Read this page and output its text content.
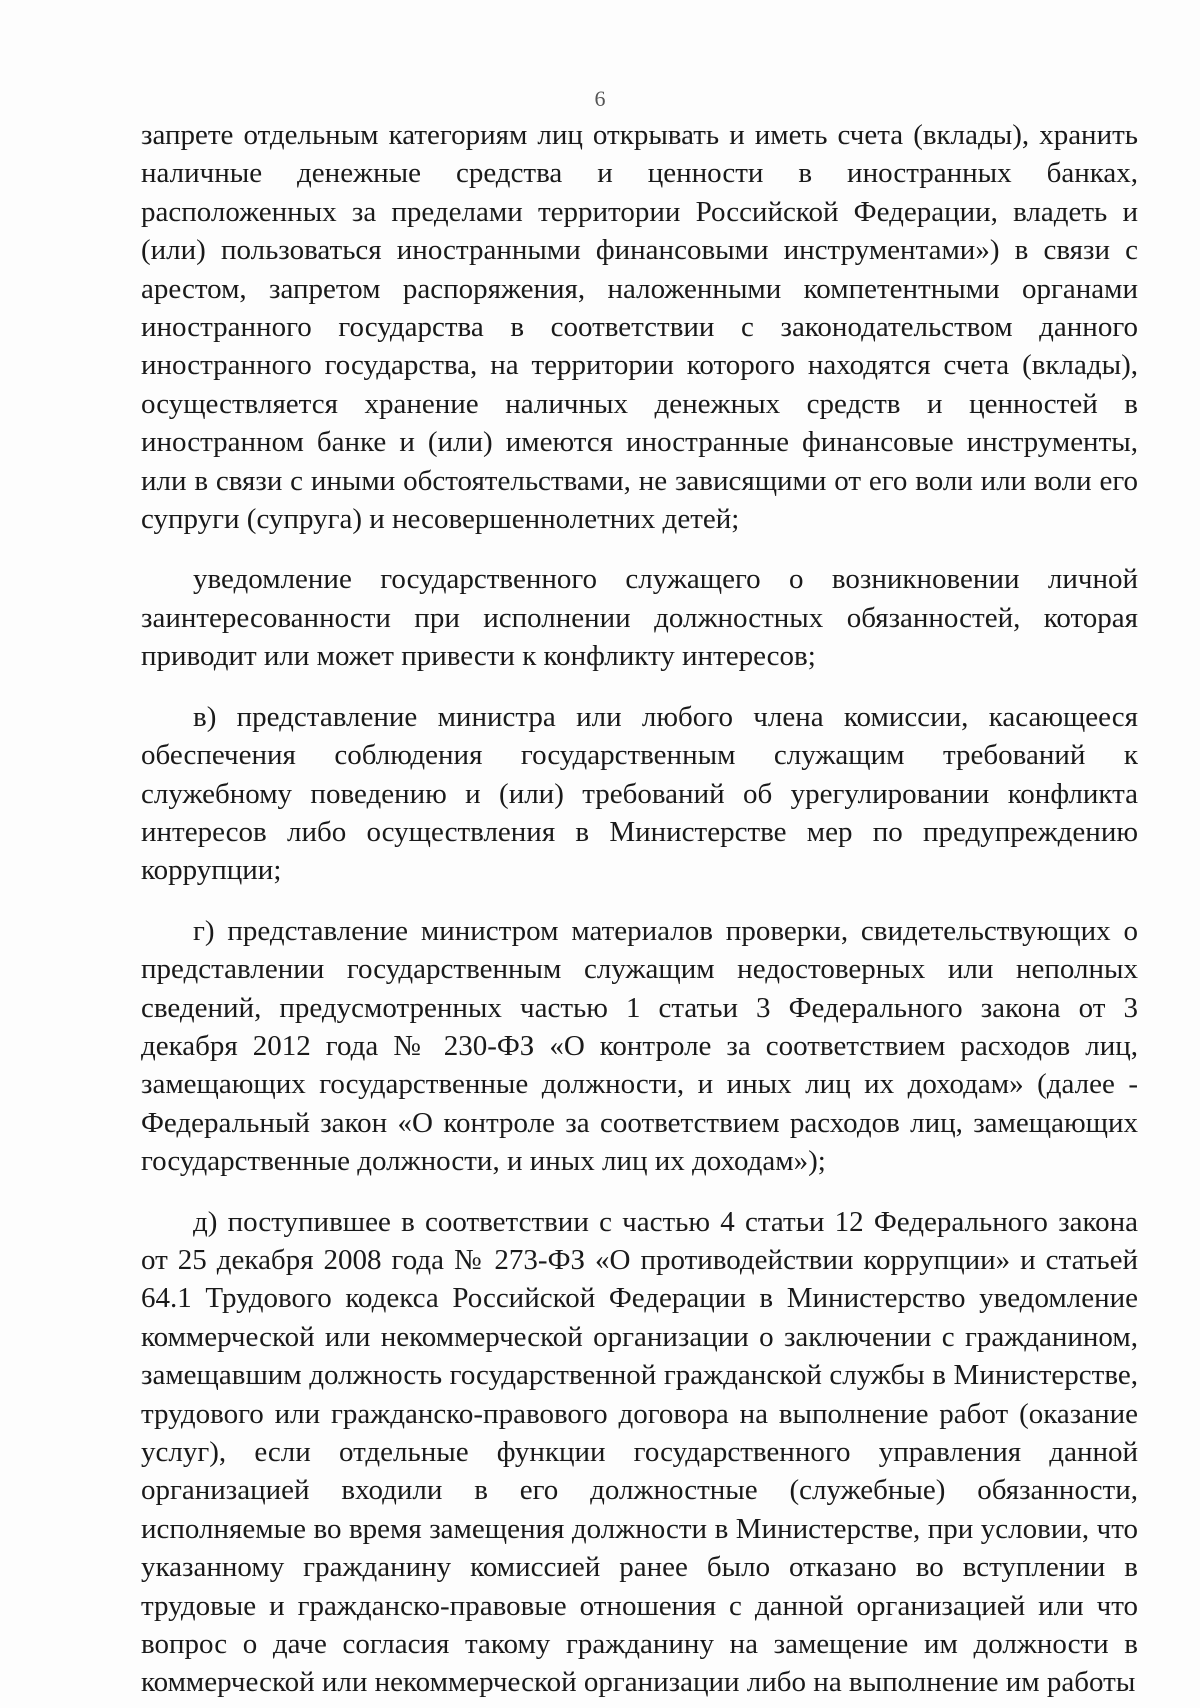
6

запрете отдельным категориям лиц открывать и иметь счета (вклады), хранить наличные денежные средства и ценности в иностранных банках, расположенных за пределами территории Российской Федерации, владеть и (или) пользоваться иностранными финансовыми инструментами») в связи с арестом, запретом распоряжения, наложенными компетентными органами иностранного государства в соответствии с законодательством данного иностранного государства, на территории которого находятся счета (вклады), осуществляется хранение наличных денежных средств и ценностей в иностранном банке и (или) имеются иностранные финансовые инструменты, или в связи с иными обстоятельствами, не зависящими от его воли или воли его супруги (супруга) и несовершеннолетних детей;

уведомление государственного служащего о возникновении личной заинтересованности при исполнении должностных обязанностей, которая приводит или может привести к конфликту интересов;

в) представление министра или любого члена комиссии, касающееся обеспечения соблюдения государственным служащим требований к служебному поведению и (или) требований об урегулировании конфликта интересов либо осуществления в Министерстве мер по предупреждению коррупции;

г) представление министром материалов проверки, свидетельствующих о представлении государственным служащим недостоверных или неполных сведений, предусмотренных частью 1 статьи 3 Федерального закона от 3 декабря 2012 года № 230-ФЗ «О контроле за соответствием расходов лиц, замещающих государственные должности, и иных лиц их доходам» (далее - Федеральный закон «О контроле за соответствием расходов лиц, замещающих государственные должности, и иных лиц их доходам»);

д) поступившее в соответствии с частью 4 статьи 12 Федерального закона от 25 декабря 2008 года № 273-ФЗ «О противодействии коррупции» и статьей 64.1 Трудового кодекса Российской Федерации в Министерство уведомление коммерческой или некоммерческой организации о заключении с гражданином, замещавшим должность государственной гражданской службы в Министерстве, трудового или гражданско-правового договора на выполнение работ (оказание услуг), если отдельные функции государственного управления данной организацией входили в его должностные (служебные) обязанности, исполняемые во время замещения должности в Министерстве, при условии, что указанному гражданину комиссией ранее было отказано во вступлении в трудовые и гражданско-правовые отношения с данной организацией или что вопрос о даче согласия такому гражданину на замещение им должности в коммерческой или некоммерческой организации либо на выполнение им работы
